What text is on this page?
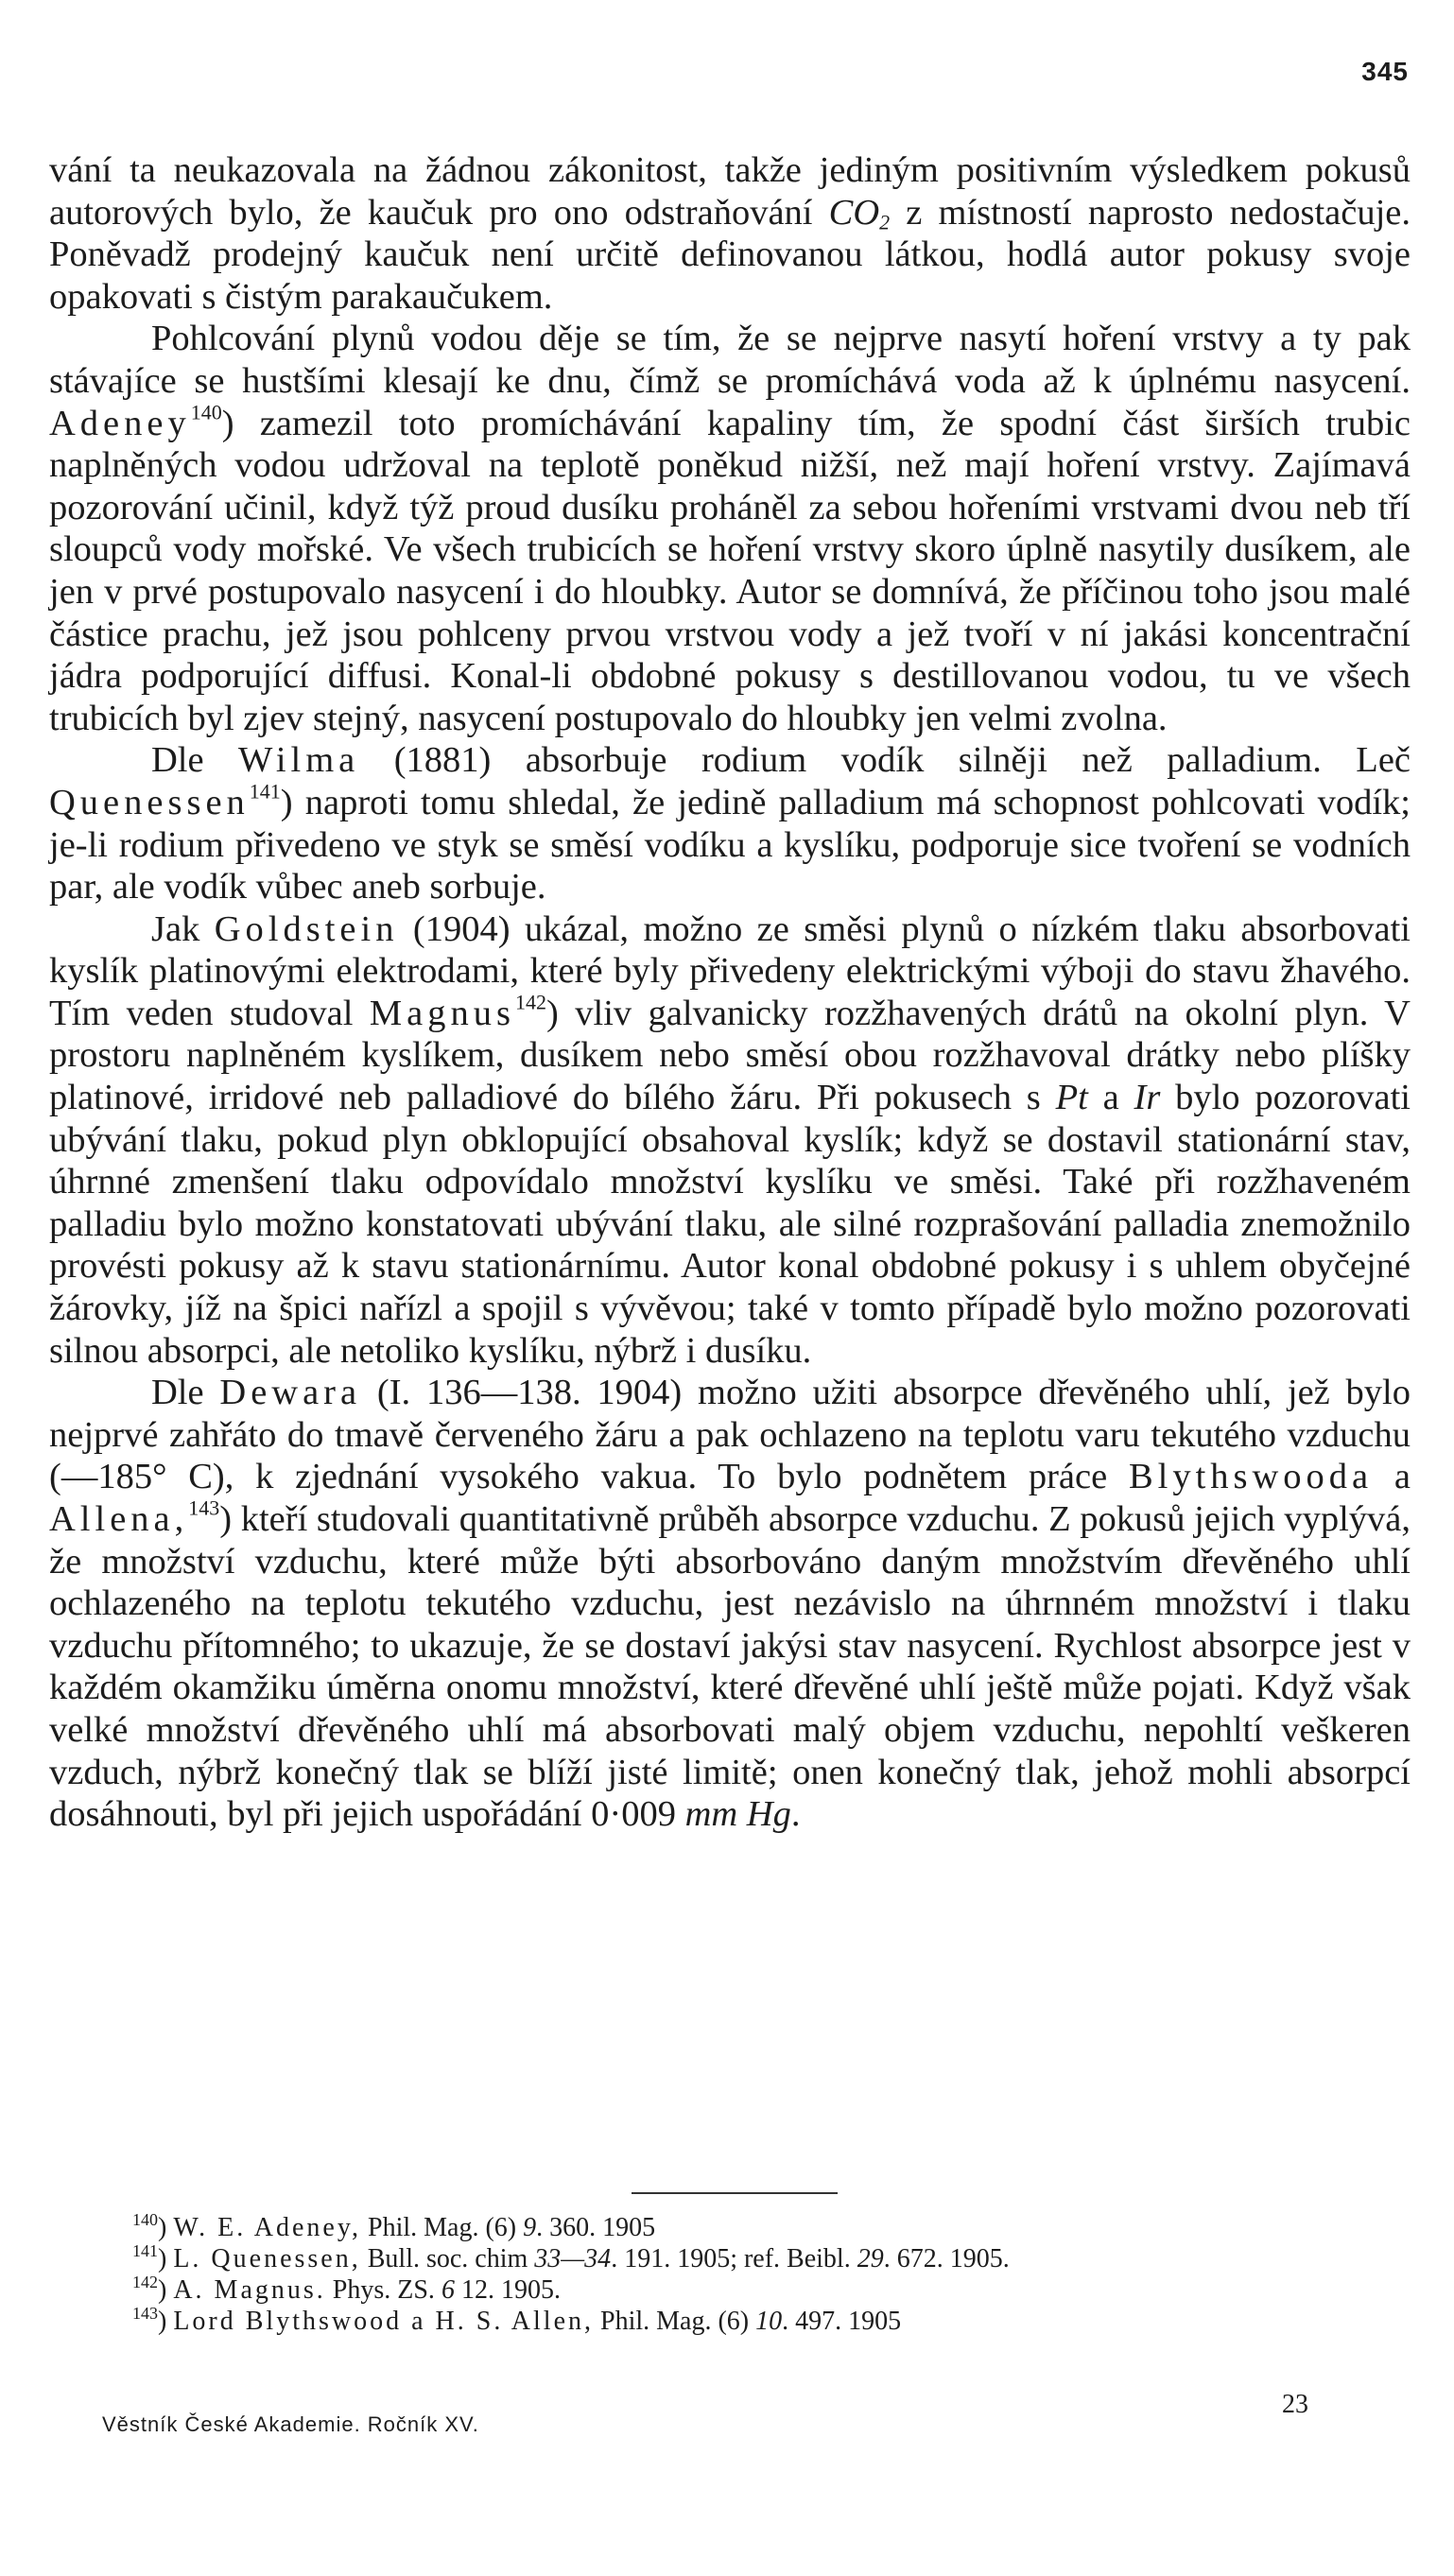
345

vání ta neukazovala na žádnou zákonitost, takže jediným positivním výsledkem pokusů autorových bylo, že kaučuk pro ono odstraňování $CO_2$ z místností naprosto nedostačuje. Poněvadž prodejný kaučuk není určitě definovanou látkou, hodlá autor pokusy svoje opakovati s čistým parakaučukem.

Pohlcování plynů vodou děje se tím, že se nejprve nasytí hoření vrstvy a ty pak stávajíce se hustšími klesají ke dnu, čímž se promíchává voda až k úplnému nasycení. Adeney$^{140}$) zamezil toto promíchávání kapaliny tím, že spodní část širších trubic naplněných vodou udržoval na teplotě poněkud nižší, než mají hoření vrstvy. Zajímavá pozorování učinil, když týž proud dusíku proháněl za sebou hořeními vrstvami dvou neb tří sloupců vody mořské. Ve všech trubicích se hoření vrstvy skoro úplně nasytily dusíkem, ale jen v prvé postupovalo nasycení i do hloubky. Autor se domnívá, že příčinou toho jsou malé částice prachu, jež jsou pohlceny prvou vrstvou vody a jež tvoří v ní jakási koncentrační jádra podporující diffusi. Konal-li obdobné pokusy s destillovanou vodou, tu ve všech trubicích byl zjev stejný, nasycení postupovalo do hloubky jen velmi zvolna.

Dle Wilma (1881) absorbuje rodium vodík silněji než palladium. Leč Quenessen$^{141}$) naproti tomu shledal, že jedině palladium má schopnost pohlcovati vodík; je-li rodium přivedeno ve styk se směsí vodíku a kyslíku, podporuje sice tvoření se vodních par, ale vodík vůbec aneb sorbuje.

Jak Goldstein (1904) ukázal, možno ze směsi plynů o nízkém tlaku absorbovati kyslík platinovými elektrodami, které byly přivedeny elektrickými výboji do stavu žhavého. Tím veden studoval Magnus$^{142}$) vliv galvanicky rozžhavených drátů na okolní plyn. V prostoru naplněném kyslíkem, dusíkem nebo směsí obou rozžhavoval drátky nebo plíšky platinové, irridové neb palladiové do bílého žáru. Při pokusech s Pt a Ir bylo pozorovati ubývání tlaku, pokud plyn obklopující obsahoval kyslík; když se dostavil stationární stav, úhrnné zmenšení tlaku odpovídalo množství kyslíku ve směsi. Také při rozžhaveném palladiu bylo možno konstatovati ubývání tlaku, ale silné rozprašování palladia znemožnilo provésti pokusy až k stavu stationárnímu. Autor konal obdobné pokusy i s uhlem obyčejné žárovky, jíž na špici nařízl a spojil s vývěvou; také v tomto případě bylo možno pozorovati silnou absorpci, ale netoliko kyslíku, nýbrž i dusíku.

Dle Dewara (I. 136—138. 1904) možno užiti absorpce dřevěného uhlí, jež bylo nejprvé zahřáto do tmavě červeného žáru a pak ochlazeno na teplotu varu tekutého vzduchu (—185° C), k zjednání vysokého vakua. To bylo podnětem práce Blythswooda a Allena,$^{143}$) kteří studovali quantitativně průběh absorpce vzduchu. Z pokusů jejich vyplývá, že množství vzduchu, které může býti absorbováno daným množstvím dřevěného uhlí ochlazeného na teplotu tekutého vzduchu, jest nezávislo na úhrnném množství i tlaku vzduchu přítomného; to ukazuje, že se dostaví jakýsi stav nasycení. Rychlost absorpce jest v každém okamžiku úměrna onomu množství, které dřevěné uhlí ještě může pojati. Když však velké množství dřevěného uhlí má absorbovati malý objem vzduchu, nepohltí veškeren vzduch, nýbrž konečný tlak se blíží jisté limitě; onen konečný tlak, jehož mohli absorpcí dosáhnouti, byl při jejich uspořádání 0·009 mm Hg.

$^{140}$) W. E. Adeney, Phil. Mag. (6) 9. 360. 1905
$^{141}$) L. Quenessen, Bull. soc. chim 33—34. 191. 1905; ref. Beibl. 29. 672. 1905.
$^{142}$) A. Magnus. Phys. ZS. 6 12. 1905.
$^{143}$) Lord Blythswood a H. S. Allen, Phil. Mag. (6) 10. 497. 1905
23
Věstník České Akademie. Ročník XV.
